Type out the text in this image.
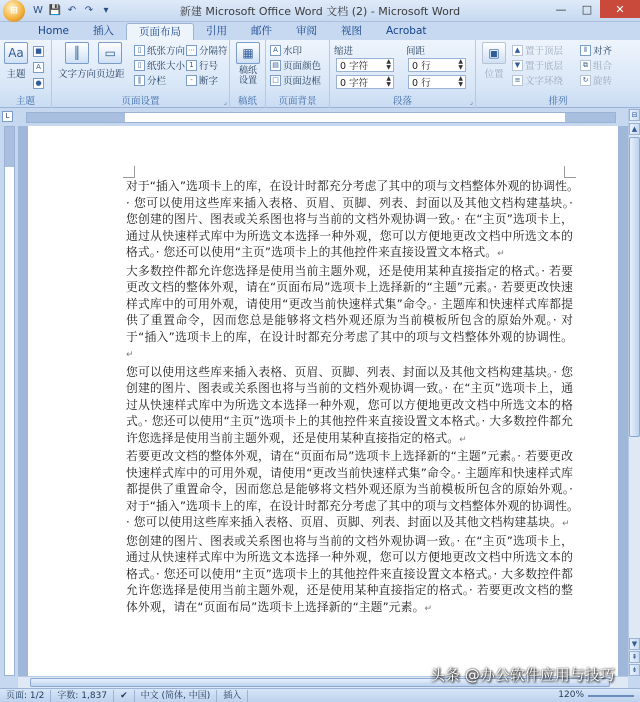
⊞ W 💾 ↶ ↷	▾	新建 Microsoft Office Word 文档 (2) - Microsoft Word	—	□	✕
Home	插入	页面布局	引用	邮件	审阅	视图	Acrobat
Aa
主题
■
A
●
主题
║
文字方向
▭
页边距
▯ 纸张方向
▯ 纸张大小
‖ 分栏
⋯ 分隔符
1 行号
- 断字
页面设置	⌟
▦
稿纸设置
稿纸
A 水印
▤ 页面颜色
□ 页面边框
页面背景
缩进	间距
0 字符	▲
▼
0 字符	▲
▼
0 行	▲
▼
0 行	▲
▼
段落	⌟
▣
位置
▲ 置于顶层
▼ 置于底层
≡ 文字环绕
⫴ 对齐
⧉ 组合
↻ 旋转
排列
L

对于“插入”选项卡上的库，在设计时都充分考虑了其中的项与文档整体外观的协调性。· 您可以使用这些库来插入表格、页眉、页脚、列表、封面以及其他文档构建基块。· 您创建的图片、图表或关系图也将与当前的文档外观协调一致。· 在“主页”选项卡上，通过从快速样式库中为所选文本选择一种外观，您可以方便地更改文档中所选文本的格式。· 您还可以使用“主页”选项卡上的其他控件来直接设置文本格式。↵

大多数控件都允许您选择是使用当前主题外观，还是使用某种直接指定的格式。· 若要更改文档的整体外观，请在“页面布局”选项卡上选择新的“主题”元素。· 若要更改快速样式库中的可用外观，请使用“更改当前快速样式集”命令。· 主题库和快速样式库都提供了重置命令，因而您总是能够将文档外观还原为当前模板所包含的原始外观。· 对于“插入”选项卡上的库，在设计时都充分考虑了其中的项与文档整体外观的协调性。↵

您可以使用这些库来插入表格、页眉、页脚、列表、封面以及其他文档构建基块。· 您创建的图片、图表或关系图也将与当前的文档外观协调一致。· 在“主页”选项卡上，通过从快速样式库中为所选文本选择一种外观，您可以方便地更改文档中所选文本的格式。· 您还可以使用“主页”选项卡上的其他控件来直接设置文本格式。· 大多数控件都允许您选择是使用当前主题外观，还是使用某种直接指定的格式。↵

若要更改文档的整体外观，请在“页面布局”选项卡上选择新的“主题”元素。· 若要更改快速样式库中的可用外观，请使用“更改当前快速样式集”命令。· 主题库和快速样式库都提供了重置命令，因而您总是能够将文档外观还原为当前模板所包含的原始外观。· 对于“插入”选项卡上的库，在设计时都充分考虑了其中的项与文档整体外观的协调性。· 您可以使用这些库来插入表格、页眉、页脚、列表、封面以及其他文档构建基块。↵

您创建的图片、图表或关系图也将与当前的文档外观协调一致。· 在“主页”选项卡上，通过从快速样式库中为所选文本选择一种外观，您可以方便地更改文档中所选文本的格式。· 您还可以使用“主页”选项卡上的其他控件来直接设置文本格式。· 大多数控件都允许您选择是使用当前主题外观，还是使用某种直接指定的格式。· 若要更改文档的整体外观，请在“页面布局”选项卡上选择新的“主题”元素。↵

⊟
▲
▼
⇞
⇟
页面: 1/2	字数: 1,837	✔	中文 (简体, 中国)	插入	120%
头条 @办公软件应用与技巧
